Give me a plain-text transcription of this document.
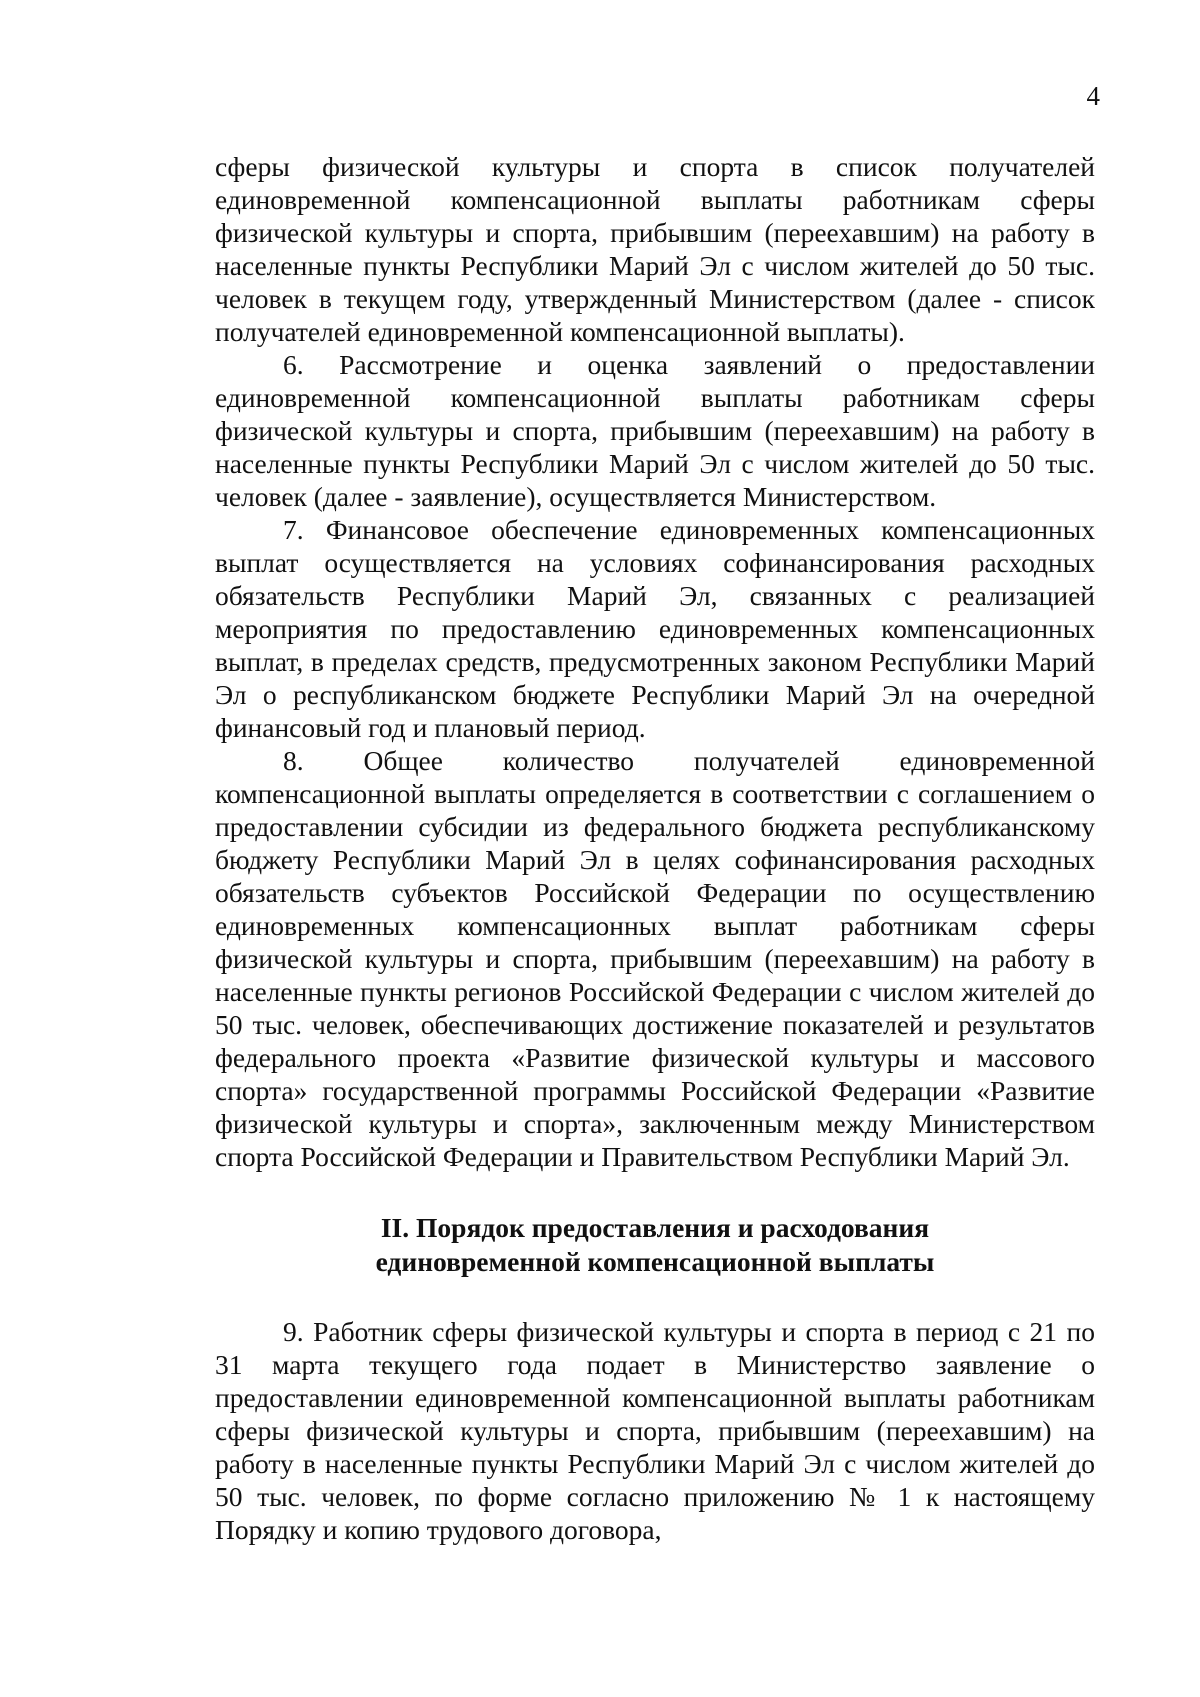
4

сферы физической культуры и спорта в список получателей единовременной компенсационной выплаты работникам сферы физической культуры и спорта, прибывшим (переехавшим) на работу в населенные пункты Республики Марий Эл с числом жителей до 50 тыс. человек в текущем году, утвержденный Министерством (далее - список получателей единовременной компенсационной выплаты).

6. Рассмотрение и оценка заявлений о предоставлении единовременной компенсационной выплаты работникам сферы физической культуры и спорта, прибывшим (переехавшим) на работу в населенные пункты Республики Марий Эл с числом жителей до 50 тыс. человек (далее - заявление), осуществляется Министерством.

7. Финансовое обеспечение единовременных компенсационных выплат осуществляется на условиях софинансирования расходных обязательств Республики Марий Эл, связанных с реализацией мероприятия по предоставлению единовременных компенсационных выплат, в пределах средств, предусмотренных законом Республики Марий Эл о республиканском бюджете Республики Марий Эл на очередной финансовый год и плановый период.

8. Общее количество получателей единовременной компенсационной выплаты определяется в соответствии с соглашением о предоставлении субсидии из федерального бюджета республиканскому бюджету Республики Марий Эл в целях софинансирования расходных обязательств субъектов Российской Федерации по осуществлению единовременных компенсационных выплат работникам сферы физической культуры и спорта, прибывшим (переехавшим) на работу в населенные пункты регионов Российской Федерации с числом жителей до 50 тыс. человек, обеспечивающих достижение показателей и результатов федерального проекта «Развитие физической культуры и массового спорта» государственной программы Российской Федерации «Развитие физической культуры и спорта», заключенным между Министерством спорта Российской Федерации и Правительством Республики Марий Эл.

II. Порядок предоставления и расходования
единовременной компенсационной выплаты

9. Работник сферы физической культуры и спорта в период с 21 по 31 марта текущего года подает в Министерство заявление о предоставлении единовременной компенсационной выплаты работникам сферы физической культуры и спорта, прибывшим (переехавшим) на работу в населенные пункты Республики Марий Эл с числом жителей до 50 тыс. человек, по форме согласно приложению № 1 к настоящему Порядку и копию трудового договора,
